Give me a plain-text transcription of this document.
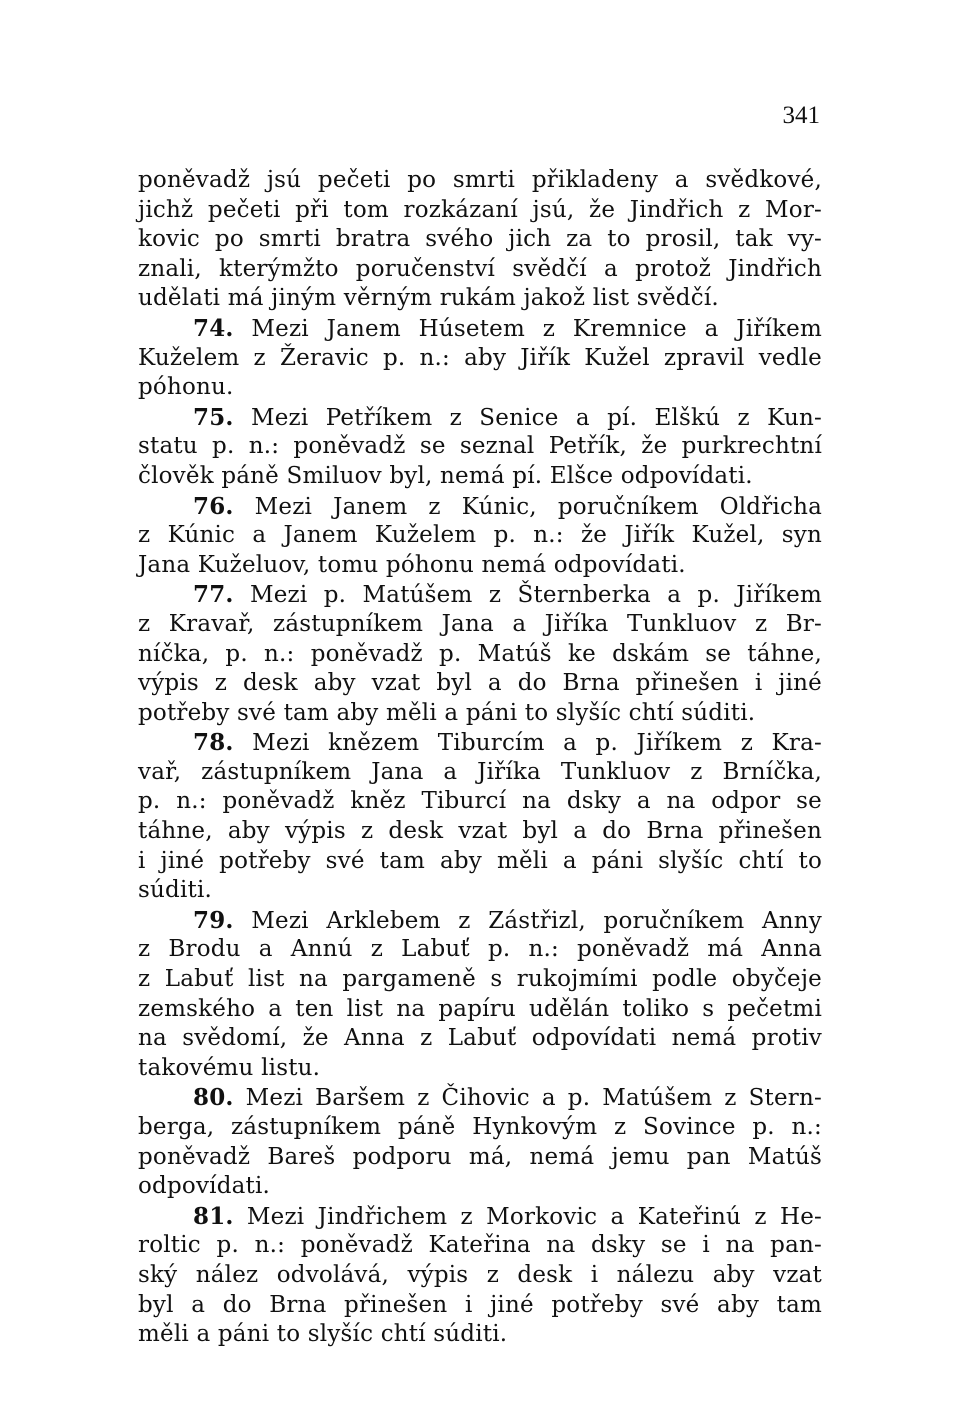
341
poněvadž jsú pečeti po smrti přikladeny a svědkové,
jichž pečeti při tom rozkázaní jsú, že Jindřich z Mor-
kovic po smrti bratra svého jich za to prosil, tak vy-
znali, kterýmžto poručenství svědčí a protož Jindřich
udělati má jiným věrným rukám jakož list svědčí.
74. Mezi Janem Húsetem z Kremnice a Jiříkem
Kuželem z Žeravic p. n.: aby Jiřík Kužel zpravil vedle
póhonu.
75. Mezi Petříkem z Senice a pí. Elškú z Kun-
statu p. n.: poněvadž se seznal Petřík, že purkrechtní
člověk páně Smiluov byl, nemá pí. Elšce odpovídati.
76. Mezi Janem z Kúnic, poručníkem Oldřicha
z Kúnic a Janem Kuželem p. n.: že Jiřík Kužel, syn
Jana Kuželuov, tomu póhonu nemá odpovídati.
77. Mezi p. Matúšem z Šternberka a p. Jiříkem
z Kravař, zástupníkem Jana a Jiříka Tunkluov z Br-
níčka, p. n.: poněvadž p. Matúš ke dskám se táhne,
výpis z desk aby vzat byl a do Brna přinešen i jiné
potřeby své tam aby měli a páni to slyšíc chtí súditi.
78. Mezi knězem Tiburcím a p. Jiříkem z Kra-
vař, zástupníkem Jana a Jiříka Tunkluov z Brníčka,
p. n.: poněvadž kněz Tiburcí na dsky a na odpor se
táhne, aby výpis z desk vzat byl a do Brna přinešen
i jiné potřeby své tam aby měli a páni slyšíc chtí to
súditi.
79. Mezi Arklebem z Zástřizl, poručníkem Anny
z Brodu a Annú z Labuť p. n.: poněvadž má Anna
z Labuť list na pargameně s rukojmími podle obyčeje
zemského a ten list na papíru udělán toliko s pečetmi
na svědomí, že Anna z Labuť odpovídati nemá protiv
takovému listu.
80. Mezi Baršem z Čihovic a p. Matúšem z Stern-
berga, zástupníkem páně Hynkovým z Sovince p. n.:
poněvadž Bareš podporu má, nemá jemu pan Matúš
odpovídati.
81. Mezi Jindřichem z Morkovic a Kateřinú z He-
roltic p. n.: poněvadž Kateřina na dsky se i na pan-
ský nález odvolává, výpis z desk i nálezu aby vzat
byl a do Brna přinešen i jiné potřeby své aby tam
měli a páni to slyšíc chtí súditi.
